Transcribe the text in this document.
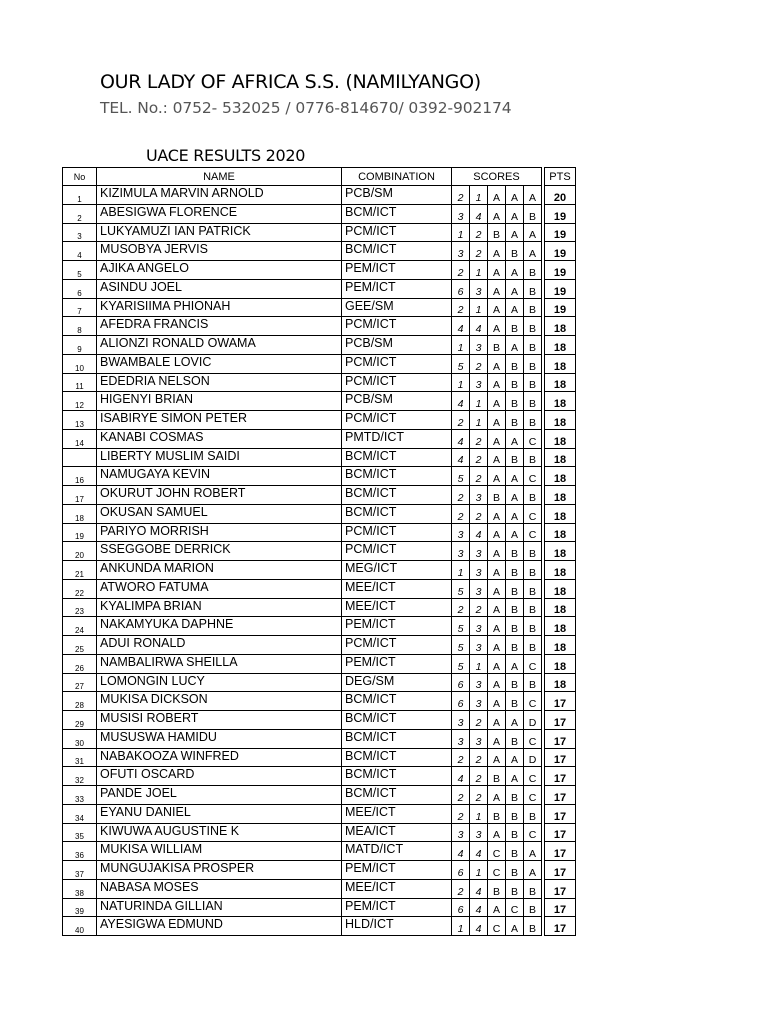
OUR LADY OF AFRICA S.S. (NAMILYANGO)
TEL. No.: 0752- 532025 / 0776-814670/ 0392-902174
UACE RESULTS 2020
No	NAME	COMBINATION	SCORES						PTS
1	KIZIMULA MARVIN ARNOLD	PCB/SM	2	1	A	A	A		20
2	ABESIGWA FLORENCE	BCM/ICT	3	4	A	A	B		19
3	LUKYAMUZI IAN PATRICK	PCM/ICT	1	2	B	A	A		19
4	MUSOBYA JERVIS	BCM/ICT	3	2	A	B	A		19
5	AJIKA ANGELO	PEM/ICT	2	1	A	A	B		19
6	ASINDU JOEL	PEM/ICT	6	3	A	A	B		19
7	KYARISIIMA PHIONAH	GEE/SM	2	1	A	A	B		19
8	AFEDRA FRANCIS	PCM/ICT	4	4	A	B	B		18
9	ALIONZI RONALD OWAMA	PCB/SM	1	3	B	A	B		18
10	BWAMBALE LOVIC	PCM/ICT	5	2	A	B	B		18
11	EDEDRIA NELSON	PCM/ICT	1	3	A	B	B		18
12	HIGENYI BRIAN	PCB/SM	4	1	A	B	B		18
13	ISABIRYE SIMON PETER	PCM/ICT	2	1	A	B	B		18
14	KANABI COSMAS	PMTD/ICT	4	2	A	A	C		18
	LIBERTY MUSLIM SAIDI	BCM/ICT	4	2	A	B	B		18
16	NAMUGAYA KEVIN	BCM/ICT	5	2	A	A	C		18
17	OKURUT JOHN ROBERT	BCM/ICT	2	3	B	A	B		18
18	OKUSAN SAMUEL	BCM/ICT	2	2	A	A	C		18
19	PARIYO MORRISH	PCM/ICT	3	4	A	A	C		18
20	SSEGGOBE DERRICK	PCM/ICT	3	3	A	B	B		18
21	ANKUNDA MARION	MEG/ICT	1	3	A	B	B		18
22	ATWORO FATUMA	MEE/ICT	5	3	A	B	B		18
23	KYALIMPA BRIAN	MEE/ICT	2	2	A	B	B		18
24	NAKAMYUKA DAPHNE	PEM/ICT	5	3	A	B	B		18
25	ADUI RONALD	PCM/ICT	5	3	A	B	B		18
26	NAMBALIRWA SHEILLA	PEM/ICT	5	1	A	A	C		18
27	LOMONGIN LUCY	DEG/SM	6	3	A	B	B		18
28	MUKISA DICKSON	BCM/ICT	6	3	A	B	C		17
29	MUSISI ROBERT	BCM/ICT	3	2	A	A	D		17
30	MUSUSWA HAMIDU	BCM/ICT	3	3	A	B	C		17
31	NABAKOOZA WINFRED	BCM/ICT	2	2	A	A	D		17
32	OFUTI OSCARD	BCM/ICT	4	2	B	A	C		17
33	PANDE JOEL	BCM/ICT	2	2	A	B	C		17
34	EYANU DANIEL	MEE/ICT	2	1	B	B	B		17
35	KIWUWA AUGUSTINE K	MEA/ICT	3	3	A	B	C		17
36	MUKISA WILLIAM	MATD/ICT	4	4	C	B	A		17
37	MUNGUJAKISA PROSPER	PEM/ICT	6	1	C	B	A		17
38	NABASA MOSES	MEE/ICT	2	4	B	B	B		17
39	NATURINDA GILLIAN	PEM/ICT	6	4	A	C	B		17
40	AYESIGWA EDMUND	HLD/ICT	1	4	C	A	B		17
